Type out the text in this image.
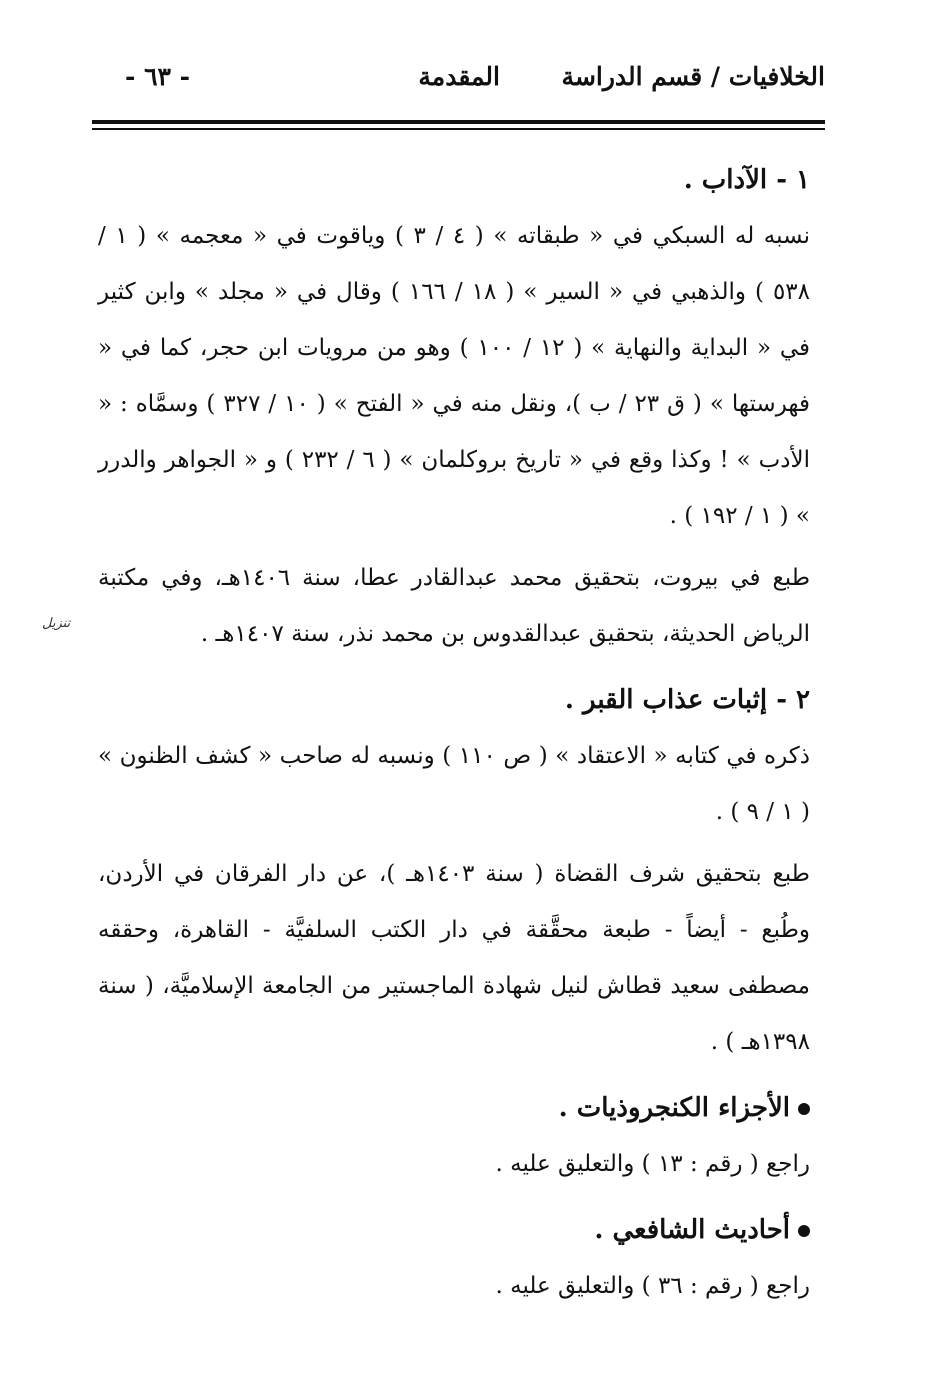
الخلافيات / قسم الدراسة
المقدمة
- ٦٣ -

١ - الآداب .

نسبه له السبكي في « طبقاته » ( ٤ / ٣ ) وياقوت في « معجمه » ( ١ / ٥٣٨ ) والذهبي في « السير » ( ١٨ / ١٦٦ ) وقال في « مجلد » وابن كثير في « البداية والنهاية » ( ١٢ / ١٠٠ ) وهو من مرويات ابن حجر، كما في « فهرستها » ( ق ٢٣ / ب )، ونقل منه في « الفتح » ( ١٠ / ٣٢٧ ) وسمَّاه : « الأدب » ! وكذا وقع في « تاريخ بروكلمان » ( ٦ / ٢٣٢ ) و « الجواهر والدرر » ( ١ / ١٩٢ ) .

طبع في بيروت، بتحقيق محمد عبدالقادر عطا، سنة ١٤٠٦هـ، وفي مكتبة الرياض الحديثة، بتحقيق عبدالقدوس بن محمد نذر، سنة ١٤٠٧هـ .

٢ - إثبات عذاب القبر .

ذكره في كتابه « الاعتقاد » ( ص ١١٠ ) ونسبه له صاحب « كشف الظنون » ( ١ / ٩ ) .

طبع بتحقيق شرف القضاة ( سنة ١٤٠٣هـ )، عن دار الفرقان في الأردن، وطُبع - أيضاً - طبعة محقَّقة في دار الكتب السلفيَّة - القاهرة، وحققه مصطفى سعيد قطاش لنيل شهادة الماجستير من الجامعة الإسلاميَّة، ( سنة ١٣٩٨هـ ) .

الأجزاء الكنجروذيات .

راجع ( رقم : ١٣ ) والتعليق عليه .

أحاديث الشافعي .

راجع ( رقم : ٣٦ ) والتعليق عليه .

تنزيل
